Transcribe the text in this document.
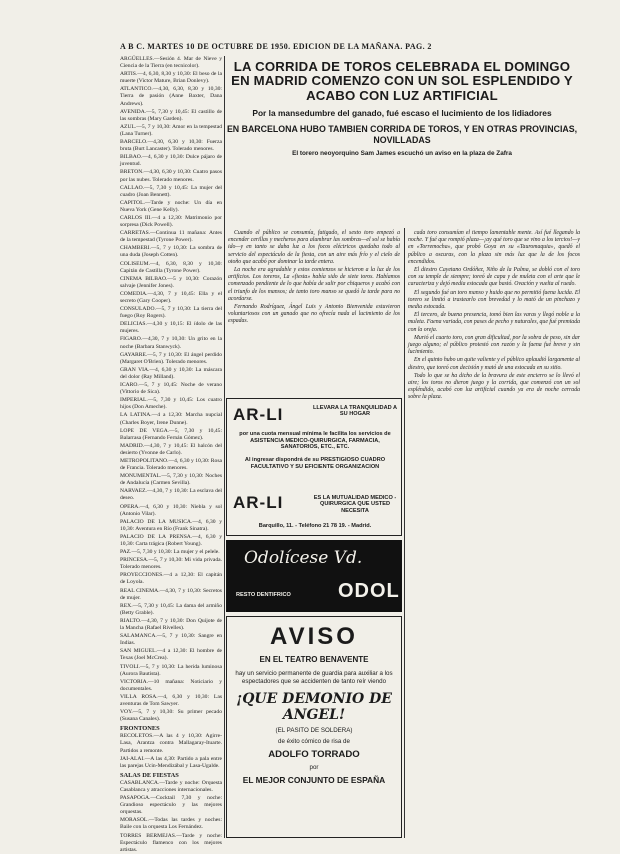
A B C. MARTES 10 DE OCTUBRE DE 1950. EDICION DE LA MAÑANA. PAG. 2

ARGÜELLES.—Sesión 4. Mar de Nieve y Ciencia de la Tierra (en tecnicolor).

ARTIS.—4, 6,30, 8,30 y 10,30: El beso de la muerte (Victor Mature, Brian Donlevy).

ATLANTICO.—4,30, 6,30, 8,30 y 10,30: Tierra de pasión (Anne Baxter, Dana Andrews).

AVENIDA.—5, 7,30 y 10,45: El castillo de las sombras (Mary Garden).

AZUL.—5, 7 y 10,30: Amor en la tempestad (Lana Turner).

BARCELO.—4,30, 6,30 y 10,30: Fuerza bruta (Burt Lancaster). Tolerado menores.

BILBAO.—4, 6,30 y 10,30: Dulce pájaro de juventud.

BRETON.—4,30, 6,30 y 10,30: Cuatro pasos por las nubes. Tolerado menores.

CALLAO.—5, 7,30 y 10,45: La mujer del cuadro (Joan Bennett).

CAPITOL.—Tarde y noche: Un día en Nueva York (Gene Kelly).

CARLOS III.—4 a 12,30: Matrimonio por sorpresa (Dick Powell).

CARRETAS.—Continua 11 mañana: Antes de la tempestad (Tyrone Power).

CHAMBERI.—5, 7 y 10,30: La sombra de una duda (Joseph Cotten).

COLISEUM.—4, 6,30, 8,30 y 10,30: Capitán de Castilla (Tyrone Power).

CINEMA BILBAO.—5 y 10,30: Corazón salvaje (Jennifer Jones).

COMEDIA.—4,30, 7 y 10,45: Ella y el secreto (Gary Cooper).

CONSULADO.—5, 7 y 10,30: La tierra del fuego (Roy Rogers).

DELICIAS.—4,30 y 10,15: El ídolo de las mujeres.

FIGARO.—4,30, 7 y 10,30: Un grito en la noche (Barbara Stanwyck).

GAYARRE.—5, 7 y 10,30: El ángel perdido (Margaret O'Brien). Tolerado menores.

GRAN VIA.—4, 6,30 y 10,30: La máscara del dolor (Ray Milland).

ICARO.—5, 7 y 10,45: Noche de verano (Vittorio de Sica).

IMPERIAL.—5, 7,30 y 10,45: Los cuatro hijos (Don Ameche).

LA LATINA.—4 a 12,30: Marcha nupcial (Charles Boyer, Irene Dunne).

LOPE DE VEGA.—5, 7,30 y 10,45: Balarrasa (Fernando Fernán Gómez).

MADRID.—4,30, 7 y 10,45: El halcón del desierto (Yvonne de Carlo).

METROPOLITANO.—4, 6,30 y 10,30: Rosa de Francia. Tolerado menores.

MONUMENTAL.—5, 7,30 y 10,30: Noches de Andalucía (Carmen Sevilla).

NARVAEZ.—4,30, 7 y 10,30: La esclava del deseo.

OPERA.—4, 6,30 y 10,30: Niebla y sol (Antonio Vilar).

PALACIO DE LA MUSICA.—4, 6,30 y 10,30: Aventura en Río (Frank Sinatra).

PALACIO DE LA PRENSA.—4, 6,30 y 10,30: Carta trágica (Robert Young).

PAZ.—5, 7,30 y 10,30: La mujer y el pelele.

PRINCESA.—5, 7 y 10,30: Mi vida privada. Tolerado menores.

PROYECCIONES.—4 a 12,30: El capitán de Loyola.

REAL CINEMA.—4,30, 7 y 10,30: Secretos de mujer.

REX.—5, 7,30 y 10,45: La dama del armiño (Betty Grable).

RIALTO.—4,30, 7 y 10,30: Don Quijote de la Mancha (Rafael Rivelles).

SALAMANCA.—5, 7 y 10,30: Sangre en Indias.

SAN MIGUEL.—4 a 12,30: El hombre de Texas (Joel McCrea).

TIVOLI.—5, 7 y 10,30: La herida luminosa (Aurora Bautista).

VICTORIA.—10 mañana: Noticiario y documentales.

VILLA ROSA.—4, 6,30 y 10,30: Las aventuras de Tom Sawyer.

VOY.—5, 7 y 10,30: Su primer pecado (Susana Canales).

FRONTONES

RECOLETOS.—A las 4 y 10,30: Agirre-Lasa, Arantza contra Mallagaray-Ituarte. Partidos a remonte.

JAI-ALAI.—A las 4,30: Partido a pala entre las parejas Ucin-Mendizábal y Lasa-Ugalde.

SALAS DE FIESTAS

CASABLANCA.—Tarde y noche: Orquesta Casablanca y atracciones internacionales.

PASAPOGA.—Cocktail 7,30 y noche: Grandioso espectáculo y las mejores orquestas.

MORASOL.—Todas las tardes y noches: Baile con la orquesta Los Fernández.

TORRES BERMEJAS.—Tarde y noche: Espectáculo flamenco con los mejores artistas.

LA CORRIDA DE TOROS CELEBRADA EL DOMINGO EN MADRID COMENZO CON UN SOL ESPLENDIDO Y ACABO CON LUZ ARTIFICIAL

Por la mansedumbre del ganado, fué escaso el lucimiento de los lidiadores

EN BARCELONA HUBO TAMBIEN CORRIDA DE TOROS, Y EN OTRAS PROVINCIAS, NOVILLADAS

El torero neoyorquino Sam James escuchó un aviso en la plaza de Zafra

Cuando el público se consumía, fatigado, el sexto toro empezó a encender cerillas y mecheros para alumbrar las sombras—el sol se había ido—y en tanto se daba luz a los focos eléctricos quedaba todo al servicio del espectáculo de la fiesta, con un aire más frío y el cielo de otoño que acabó por dominar la tarde entera.

La noche era agradable y estos comienzos se hicieron a la luz de los artificios. Los toreros, La «fiesta» había sido de siete toros. Habíamos comenzado pendiente de lo que había de salir por chiqueros y acabó con el triunfo de los mansos; de tanto toro manso se quedó la tarde para no acordarse.

Fernando Rodríguez, Ángel Luis y Antonio Bienvenida estuvieron voluntariosos con un ganado que no ofrecía nada al lucimiento de los espadas.

cada toro consumían el tiempo lamentable mente. Así fué llegando la noche. Y fué que rompió plaza—¡ay qué toro que se vino a los tercios!—y en «Torremocha», que probó Goya en su «Tauromaquia», quedó el público a oscuras, con la plaza sin más luz que la de los focos encendidos.

El diestro Cayetano Ordóñez, Niño de la Palma, se dobló con el toro con su temple de siempre; toreó de capa y de muleta con el arte que le caracteriza y dejó media estocada que bastó. Ovación y vuelta al ruedo.

El segundo fué un toro manso y huido que no permitió faena lucida. El torero se limitó a trastearlo con brevedad y lo mató de un pinchazo y media estocada.

El tercero, de buena presencia, tomó bien las varas y llegó noble a la muleta. Faena variada, con pases de pecho y naturales, que fué premiada con la oreja.

Murió el cuarto toro, con gran dificultad, por la sobra de peso, sin dar juego alguno; el público protestó con razón y la faena fué breve y sin lucimiento.

En el quinto hubo un quite valiente y el público aplaudió largamente al diestro, que toreó con decisión y mató de una estocada en su sitio.

Todo lo que se ha dicho de la bravura de este encierro se lo llevó el aire; los toros no dieron juego y la corrida, que comenzó con un sol espléndido, acabó con luz artificial cuando ya era de noche cerrada sobre la plaza.

AR-LI	LLEVARA LA TRANQUILIDAD A SU HOGAR
por una cuota mensual mínima le facilita los servicios de ASISTENCIA MEDICO-QUIRURGICA, FARMACIA, SANATORIOS, ETC., ETC.
Al ingresar dispondrá de su PRESTIGIOSO CUADRO FACULTATIVO Y SU EFICIENTE ORGANIZACION
AR-LI	ES LA MUTUALIDAD MEDICO - QUIRURGICA QUE USTED NECESITA
Barquillo, 11. - Teléfono 21 78 19. - Madrid.
Odolícese Vd.
RESTO DENTIFRICO ODOL
AVISO
EN EL TEATRO BENAVENTE
hay un servicio permanente de guardia para auxiliar a los espectadores que se accidenten de tanto reír viendo
¡QUE DEMONIO DE ANGEL!
(EL PASITO DE SOLDERA)
de éxito cómico de risa de
ADOLFO TORRADO
por
EL MEJOR CONJUNTO DE ESPAÑA
